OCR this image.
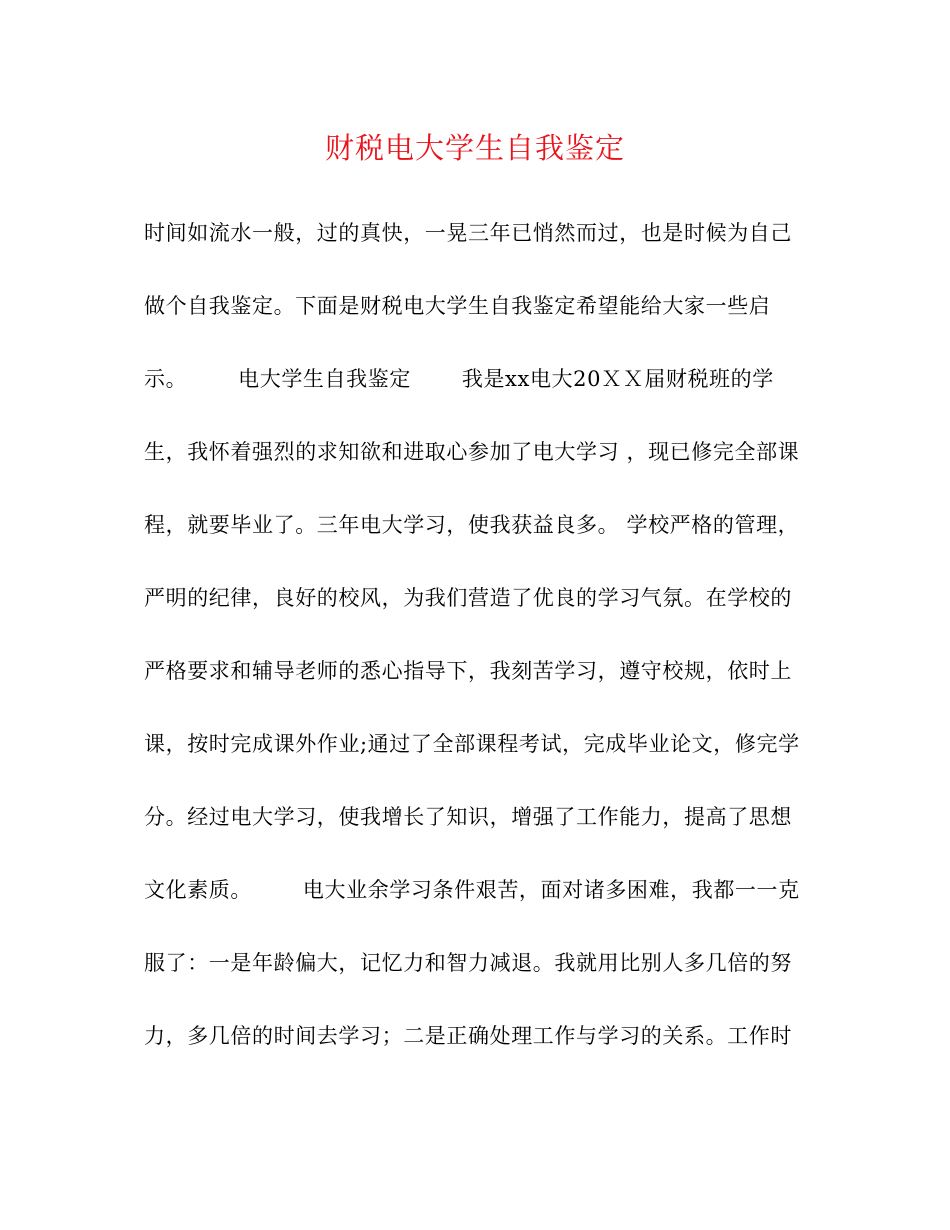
财税电大学生自我鉴定
时间如流水一般，过的真快，一晃三年已悄然而过，也是时候为自己
做个自我鉴定。下面是财税电大学生自我鉴定希望能给大家一些启
示。       电大学生自我鉴定       我是xx电大20ＸＸ届财税班的学
生，我怀着强烈的求知欲和进取心参加了电大学习 ，现已修完全部课
程，就要毕业了。三年电大学习，使我获益良多。 学校严格的管理，
严明的纪律，良好的校风，为我们营造了优良的学习气氛。在学校的
严格要求和辅导老师的悉心指导下，我刻苦学习，遵守校规，依时上
课，按时完成课外作业;通过了全部课程考试，完成毕业论文，修完学
分。经过电大学习，使我增长了知识，增强了工作能力，提高了思想
文化素质。       电大业余学习条件艰苦，面对诸多困难，我都一一克
服了：一是年龄偏大，记忆力和智力减退。我就用比别人多几倍的努
力，多几倍的时间去学习；二是正确处理工作与学习的关系。工作时
